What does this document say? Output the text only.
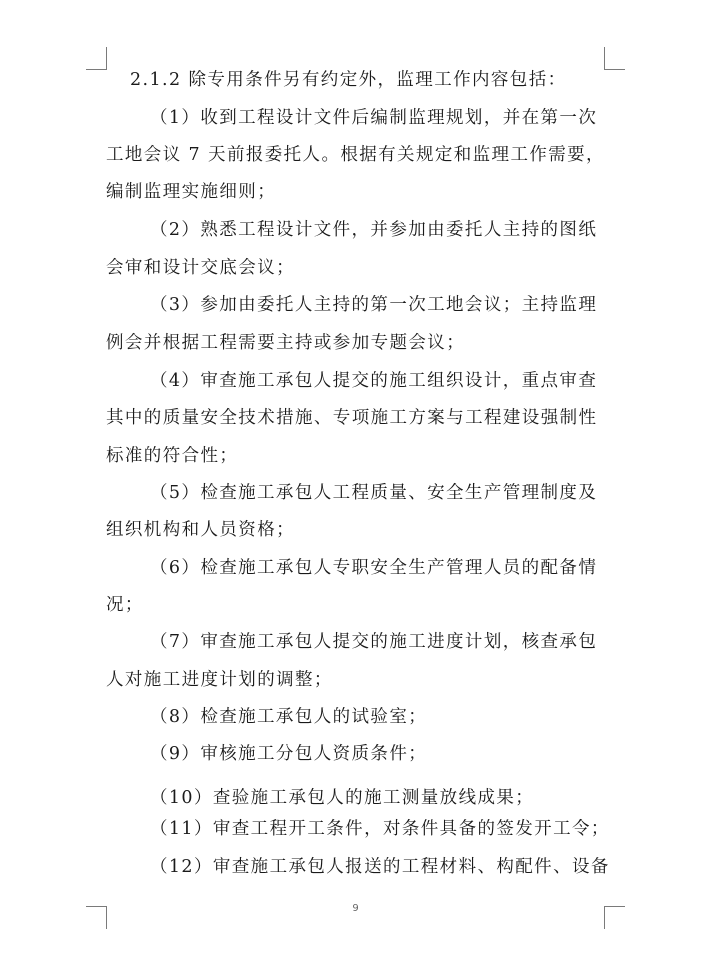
2.1.2 除专用条件另有约定外，监理工作内容包括：
（1）收到工程设计文件后编制监理规划，并在第一次
工地会议 7 天前报委托人。根据有关规定和监理工作需要，
编制监理实施细则；
（2）熟悉工程设计文件，并参加由委托人主持的图纸
会审和设计交底会议；
（3）参加由委托人主持的第一次工地会议；主持监理
例会并根据工程需要主持或参加专题会议；
（4）审查施工承包人提交的施工组织设计，重点审查
其中的质量安全技术措施、专项施工方案与工程建设强制性
标准的符合性；
（5）检查施工承包人工程质量、安全生产管理制度及
组织机构和人员资格；
（6）检查施工承包人专职安全生产管理人员的配备情
况；
（7）审查施工承包人提交的施工进度计划，核查承包
人对施工进度计划的调整；
（8）检查施工承包人的试验室；
（9）审核施工分包人资质条件；
（10）查验施工承包人的施工测量放线成果；
（11）审查工程开工条件，对条件具备的签发开工令；
（12）审查施工承包人报送的工程材料、构配件、设备
9
